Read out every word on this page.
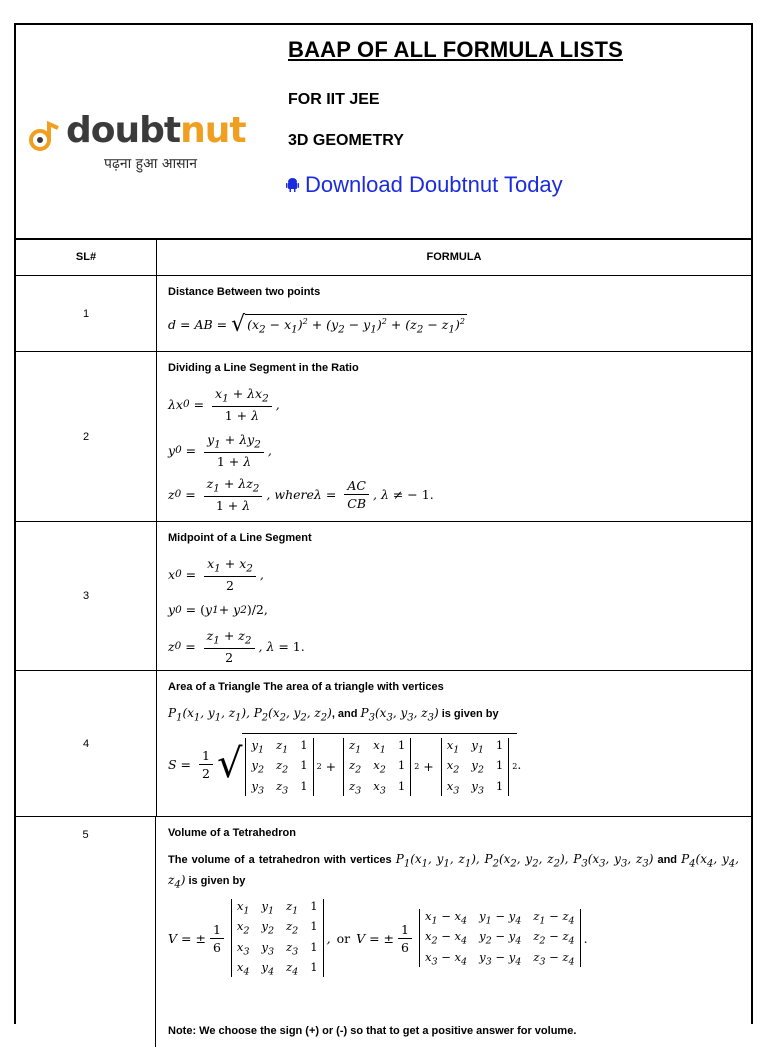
doubtnut
पढ़ना हुआ आसान
BAAP OF ALL FORMULA LISTS
FOR IIT JEE
3D GEOMETRY
Download Doubtnut Today
SL#	FORMULA
1
Distance Between two points
d = AB = √ $(x_2 - x_1)^2 + (y_2 - y_1)^2 + (z_2 - z_1)^2$
2
Dividing a Line Segment in the Ratio
λx $0 = \frac{x_1 + \lambda x_2}{1 + \lambda}$ ,
y $0 = \frac{y_1 + \lambda y_2}{1 + \lambda}$ ,
z $0 = \frac{z_1 + \lambda z_2}{1 + \lambda}$ , where $\lambda = \frac{AC}{CB}$ , λ ≠ − 1.
3
Midpoint of a Line Segment
x $0 = \frac{x_1 + x_2}{2}$ ,
y 0 = ( y 1 + y 2 )/2,
z $0 = \frac{z_1 + z_2}{2}$ , λ = 1.
4
Area of a Triangle The area of a triangle with vertices
$P_1(x_1$, $y_1$, $z_1$), $P_2(x_2$, $y_2$, $z_2$), and $P_3(x_3$, $y_3$, $z_3$) is given by
$S = \frac{1}{2}$ √ $y_1$ $z_1$ 1
$y_2$ $z_2$ 1
$y_3$ $z_3$ 1
2 +
$z_1$ $x_1$ 1
$z_2$ $x_2$ 1
$z_3$ $x_3$ 1
2 +
$x_1$ $y_1$ 1
$x_2$ $y_2$ 1
$x_3$ $y_3$ 1
2 .
5	Volume of a Tetrahedron
The volume of a tetrahedron with vertices $P_1(x_1$, $y_1$, $z_1$), $P_2(x_2$, $y_2$, $z_2$), $P_3(x_3$, $y_3$, $z_3$) and $P_4(x_4$, $y_4$, $z_4$) is given by
V = ± $\frac{1}{6}$
$x_1$ $y_1$ $z_1$ 1
$x_2$ $y_2$ $z_2$ 1
$x_3$ $y_3$ $z_3$ 1
$x_4$ $y_4$ $z_4$ 1
, or V = ± $\frac{1}{6}$
$x_1 - x_4$ $y_1 - y_4$ $z_1 - z_4$
$x_2 - x_4$ $y_2 - y_4$ $z_2 - z_4$
$x_3 - x_4$ $y_3 - y_4$ $z_3 - z_4$
.
Note: We choose the sign (+) or (-) so that to get a positive answer for volume.
